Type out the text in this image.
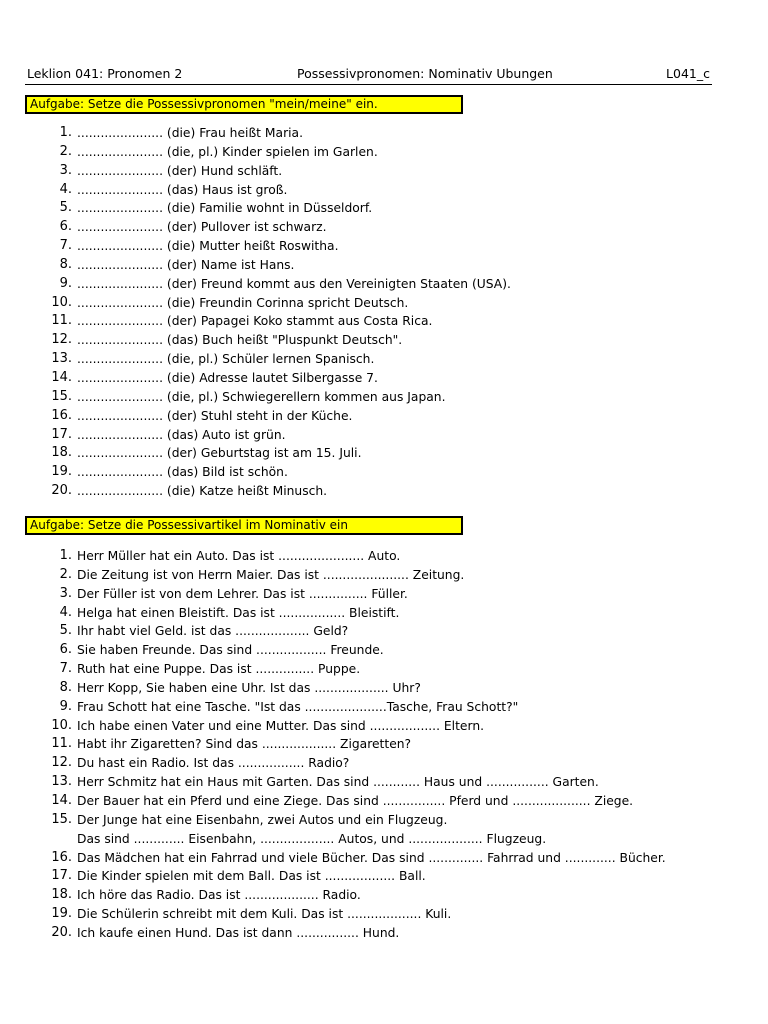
Leklion 041: Pronomen 2	Possessivpronomen: Nominativ Ubungen	L041_c
Aufgabe: Setze die Possessivpronomen "mein/meine" ein.
1. ...................... (die) Frau heißt Maria.
2. ...................... (die, pl.) Kinder spielen im Garlen.
3. ...................... (der) Hund schläft.
4. ...................... (das) Haus ist groß.
5. ...................... (die) Familie wohnt in Düsseldorf.
6. ...................... (der) Pullover ist schwarz.
7. ...................... (die) Mutter heißt Roswitha.
8. ...................... (der) Name ist Hans.
9. ...................... (der) Freund kommt aus den Vereinigten Staaten (USA).
10. ...................... (die) Freundin Corinna spricht Deutsch.
11. ...................... (der) Papagei Koko stammt aus Costa Rica.
12. ...................... (das) Buch heißt "Pluspunkt Deutsch".
13. ...................... (die, pl.) Schüler lernen Spanisch.
14. ...................... (die) Adresse lautet Silbergasse 7.
15. ...................... (die, pl.) Schwiegerellern kommen aus Japan.
16. ...................... (der) Stuhl steht in der Küche.
17. ...................... (das) Auto ist grün.
18. ...................... (der) Geburtstag ist am 15. Juli.
19. ...................... (das) Bild ist schön.
20. ...................... (die) Katze heißt Minusch.
Aufgabe: Setze die Possessivartikel im Nominativ ein
1. Herr Müller hat ein Auto. Das ist ...................... Auto.
2. Die Zeitung ist von Herrn Maier. Das ist ...................... Zeitung.
3. Der Füller ist von dem Lehrer. Das ist ............... Füller.
4. Helga hat einen Bleistift. Das ist ................. Bleistift.
5. Ihr habt viel Geld. ist das ................... Geld?
6. Sie haben Freunde. Das sind .................. Freunde.
7. Ruth hat eine Puppe. Das ist ............... Puppe.
8. Herr Kopp, Sie haben eine Uhr. Ist das ................... Uhr?
9. Frau Schott hat eine Tasche. "Ist das .....................Tasche, Frau Schott?"
10. Ich habe einen Vater und eine Mutter. Das sind .................. Eltern.
11. Habt ihr Zigaretten? Sind das ................... Zigaretten?
12. Du hast ein Radio. Ist das ................. Radio?
13. Herr Schmitz hat ein Haus mit Garten. Das sind ............ Haus und ................ Garten.
14. Der Bauer hat ein Pferd und eine Ziege. Das sind ................ Pferd und .................... Ziege.
15. Der Junge hat eine Eisenbahn, zwei Autos und ein Flugzeug.
Das sind ............. Eisenbahn, ................... Autos, und ................... Flugzeug.
16. Das Mädchen hat ein Fahrrad und viele Bücher. Das sind .............. Fahrrad und ............. Bücher.
17. Die Kinder spielen mit dem Ball. Das ist .................. Ball.
18. Ich höre das Radio. Das ist ................... Radio.
19. Die Schülerin schreibt mit dem Kuli. Das ist ................... Kuli.
20. Ich kaufe einen Hund. Das ist dann ................ Hund.
